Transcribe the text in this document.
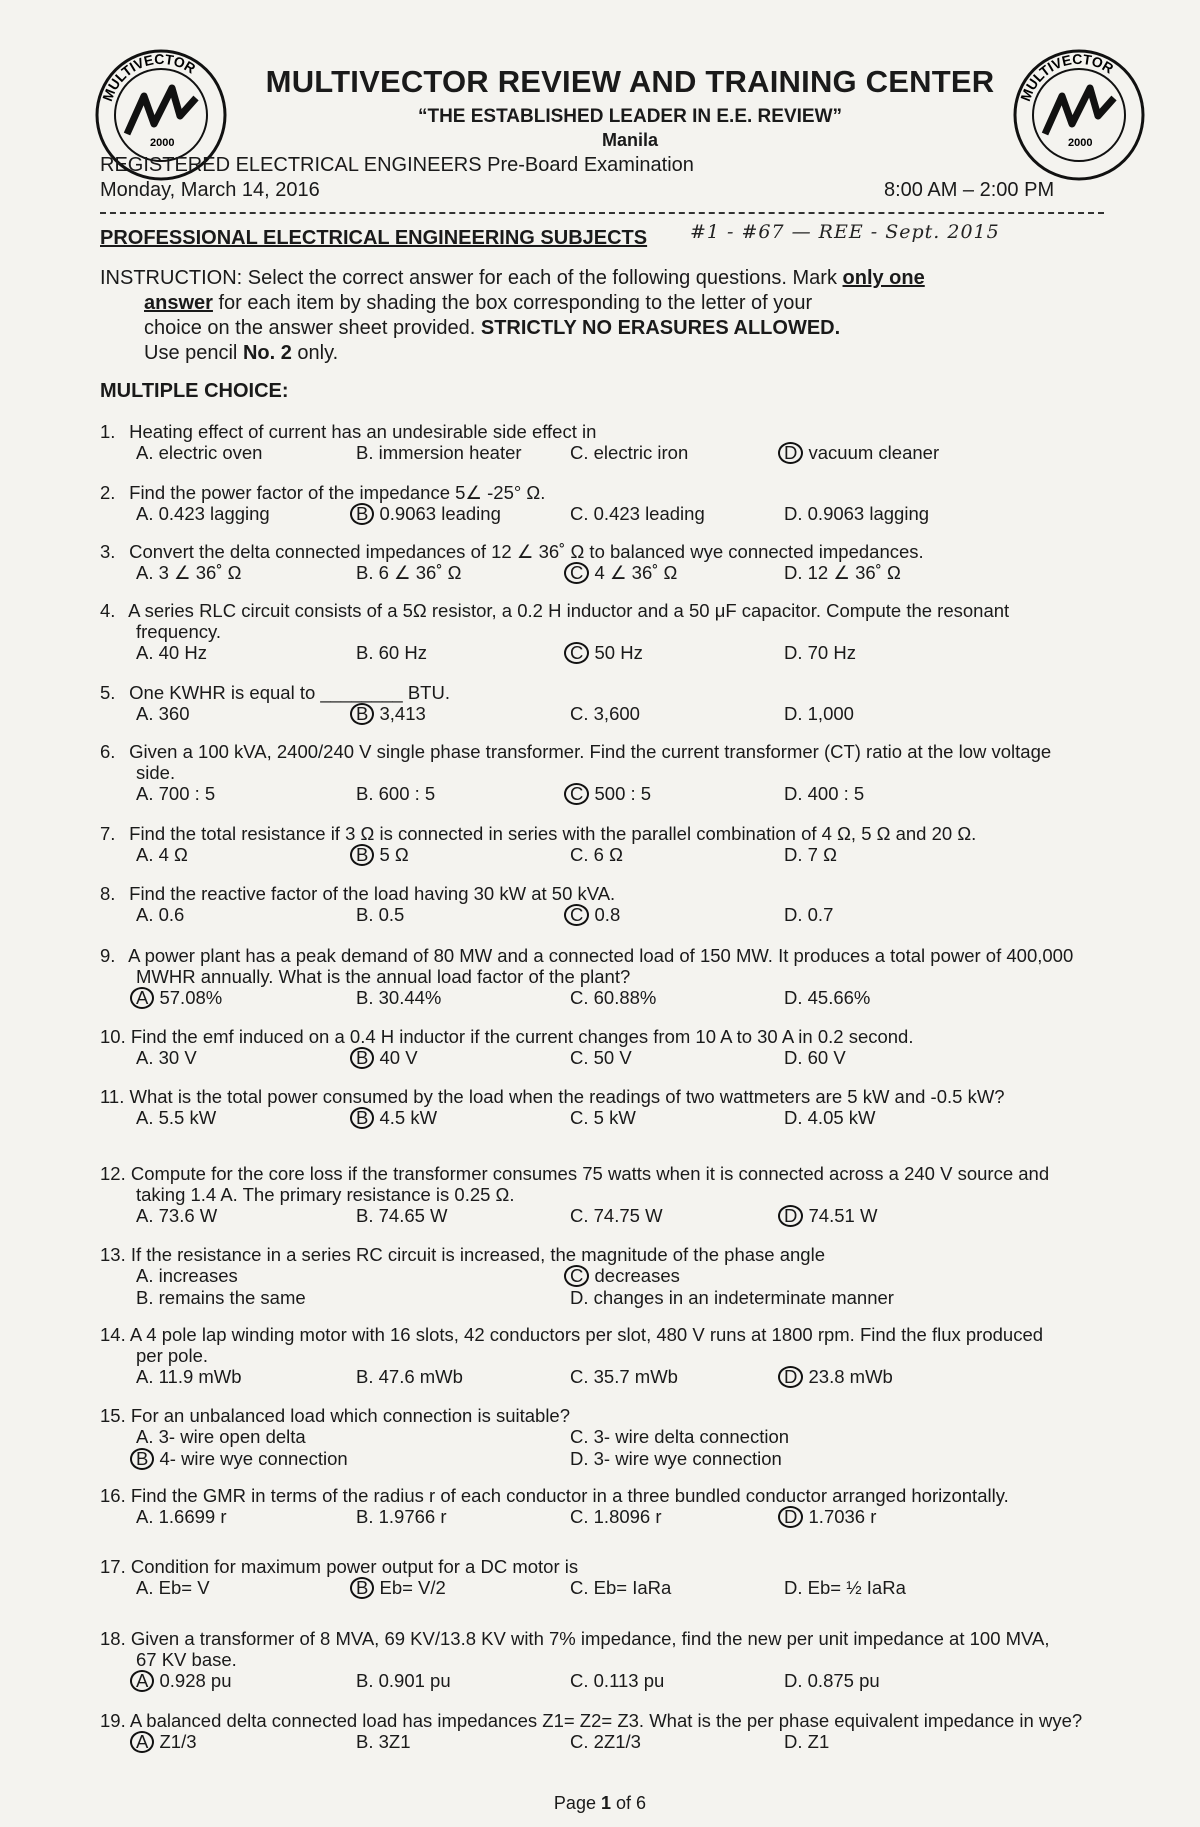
MULTIVECTOR
2000
MULTIVECTOR
2000
MULTIVECTOR REVIEW AND TRAINING CENTER
“THE ESTABLISHED LEADER IN E.E. REVIEW”
Manila
REGISTERED ELECTRICAL ENGINEERS Pre-Board Examination
Monday, March 14, 2016	8:00 AM – 2:00 PM
PROFESSIONAL ELECTRICAL ENGINEERING SUBJECTS #1 - #67 — REE - Sept. 2015
INSTRUCTION: Select the correct answer for each of the following questions. Mark only one
answer for each item by shading the box corresponding to the letter of your
choice on the answer sheet provided. STRICTLY NO ERASURES ALLOWED.
Use pencil No. 2 only.
MULTIPLE CHOICE:
1. Heating effect of current has an undesirable side effect in
A. electric oven	B. immersion heater	C. electric iron	D vacuum cleaner
2. Find the power factor of the impedance 5∠ -25° Ω.
A. 0.423 lagging	B 0.9063 leading	C. 0.423 leading	D. 0.9063 lagging
3. Convert the delta connected impedances of 12 ∠ 36˚ Ω to balanced wye connected impedances.
A. 3 ∠ 36˚ Ω	B. 6 ∠ 36˚ Ω	C 4 ∠ 36˚ Ω	D. 12 ∠ 36˚ Ω
4. A series RLC circuit consists of a 5Ω resistor, a 0.2 H inductor and a 50 μF capacitor. Compute the resonant
frequency.
A. 40 Hz	B. 60 Hz	C 50 Hz	D. 70 Hz
5. One KWHR is equal to ________ BTU.
A. 360	B 3,413	C. 3,600	D. 1,000
6. Given a 100 kVA, 2400/240 V single phase transformer. Find the current transformer (CT) ratio at the low voltage
side.
A. 700 : 5	B. 600 : 5	C 500 : 5	D. 400 : 5
7. Find the total resistance if 3 Ω is connected in series with the parallel combination of 4 Ω, 5 Ω and 20 Ω.
A. 4 Ω	B 5 Ω	C. 6 Ω	D. 7 Ω
8. Find the reactive factor of the load having 30 kW at 50 kVA.
A. 0.6	B. 0.5	C 0.8	D. 0.7
9. A power plant has a peak demand of 80 MW and a connected load of 150 MW. It produces a total power of 400,000
MWHR annually. What is the annual load factor of the plant?
A 57.08%	B. 30.44%	C. 60.88%	D. 45.66%
10. Find the emf induced on a 0.4 H inductor if the current changes from 10 A to 30 A in 0.2 second.
A. 30 V	B 40 V	C. 50 V	D. 60 V
11. What is the total power consumed by the load when the readings of two wattmeters are 5 kW and -0.5 kW?
A. 5.5 kW	B 4.5 kW	C. 5 kW	D. 4.05 kW
12. Compute for the core loss if the transformer consumes 75 watts when it is connected across a 240 V source and
taking 1.4 A. The primary resistance is 0.25 Ω.
A. 73.6 W	B. 74.65 W	C. 74.75 W	D 74.51 W
13. If the resistance in a series RC circuit is increased, the magnitude of the phase angle
A. increases	C decreases
B. remains the same	D. changes in an indeterminate manner
14. A 4 pole lap winding motor with 16 slots, 42 conductors per slot, 480 V runs at 1800 rpm. Find the flux produced
per pole.
A. 11.9 mWb	B. 47.6 mWb	C. 35.7 mWb	D 23.8 mWb
15. For an unbalanced load which connection is suitable?
A. 3- wire open delta	C. 3- wire delta connection
B 4- wire wye connection	D. 3- wire wye connection
16. Find the GMR in terms of the radius r of each conductor in a three bundled conductor arranged horizontally.
A. 1.6699 r	B. 1.9766 r	C. 1.8096 r	D 1.7036 r
17. Condition for maximum power output for a DC motor is
A. Eb= V	B Eb= V/2	C. Eb= IaRa	D. Eb= ½ IaRa
18. Given a transformer of 8 MVA, 69 KV/13.8 KV with 7% impedance, find the new per unit impedance at 100 MVA,
67 KV base.
A 0.928 pu	B. 0.901 pu	C. 0.113 pu	D. 0.875 pu
19. A balanced delta connected load has impedances Z1= Z2= Z3. What is the per phase equivalent impedance in wye?
A Z1/3	B. 3Z1	C. 2Z1/3	D. Z1
Page 1 of 6
